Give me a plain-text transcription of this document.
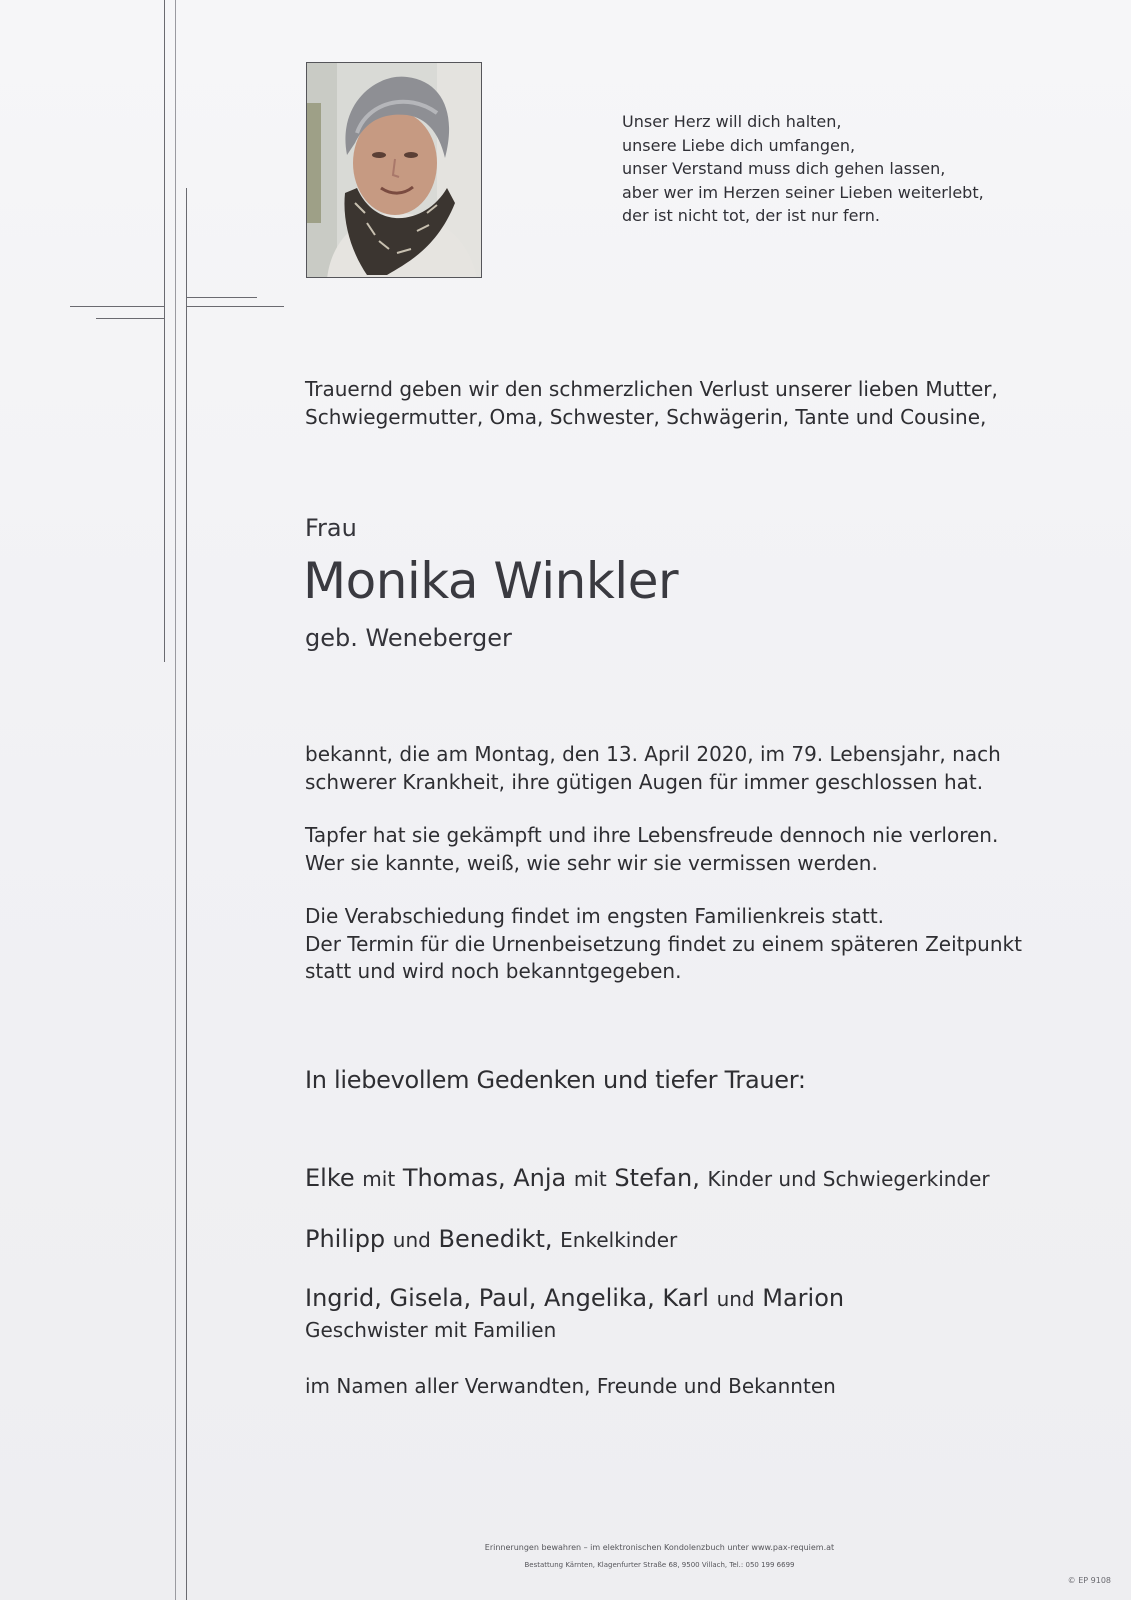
Unser Herz will dich halten,
unsere Liebe dich umfangen,
unser Verstand muss dich gehen lassen,
aber wer im Herzen seiner Lieben weiterlebt,
der ist nicht tot, der ist nur fern.
Trauernd geben wir den schmerzlichen Verlust unserer lieben Mutter,
Schwiegermutter, Oma, Schwester, Schwägerin, Tante und Cousine,
Frau
Monika Winkler
geb. Weneberger
bekannt, die am Montag, den 13. April 2020, im 79. Lebensjahr, nach
schwerer Krankheit, ihre gütigen Augen für immer geschlossen hat.
Tapfer hat sie gekämpft und ihre Lebensfreude dennoch nie verloren.
Wer sie kannte, weiß, wie sehr wir sie vermissen werden.
Die Verabschiedung findet im engsten Familienkreis statt.
Der Termin für die Urnenbeisetzung findet zu einem späteren Zeitpunkt
statt und wird noch bekanntgegeben.
In liebevollem Gedenken und tiefer Trauer:
Elke mit Thomas, Anja mit Stefan, Kinder und Schwiegerkinder
Philipp und Benedikt, Enkelkinder
Ingrid, Gisela, Paul, Angelika, Karl und Marion
Geschwister mit Familien
im Namen aller Verwandten, Freunde und Bekannten
Erinnerungen bewahren – im elektronischen Kondolenzbuch unter www.pax-requiem.at
Bestattung Kärnten, Klagenfurter Straße 68, 9500 Villach, Tel.: 050 199 6699
© EP 9108
